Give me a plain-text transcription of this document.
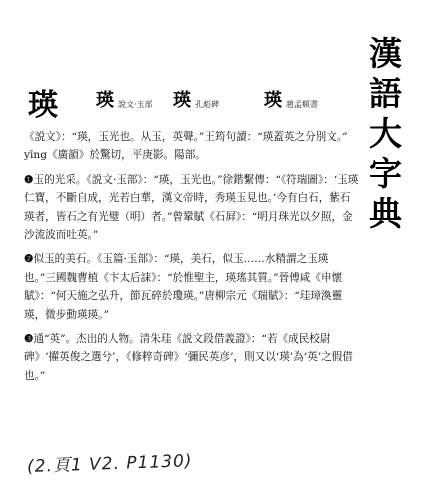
漢語大字典
瑛 瑛 說文·玉部 瑛 孔彪碑	瑛 趙孟頫書

《説文》：“瑛，玉光也。从玉，英聲。”王筠句讀：“瑛蓋英之分別文。”

yīng《廣韻》於驚切，平庚影。陽部。

❶玉的光采。《説文·玉部》：“瑛，玉光也。”徐鍇繫傳：“《符瑞圖》：‘玉瑛仁寶，不斷自成，光若白華，漢文帝時，秀瑛玉見也。’今有白石，紫石瑛者，皆石之有光璧（明）者。”曾鞏賦《石屛》：“明月珠光以夕照，金沙流波而吐英。”

❷似玉的美石。《玉篇·玉部》：“瑛，美石，似玉……水精謂之玉瑛也。”三國魏曹植《卞太后誄》：“於惟聖主，瑛瑤其質。”晉傅咸《申懷賦》：“何天施之弘升，節瓦碎於瓊瑛。”唐柳宗元《瑞賦》：“珪璋渙靈瑛，微步動瑛瑛。”

❸通“英”。杰出的人物。清朱珪《説文段借義證》：“若《成民校尉碑》‘擢英俊之選兮’，《修粹奇碑》‘彌民英彦’，則又以‘瑛’為‘英’之假借也。”

(2.頁1 V2. P1130)
